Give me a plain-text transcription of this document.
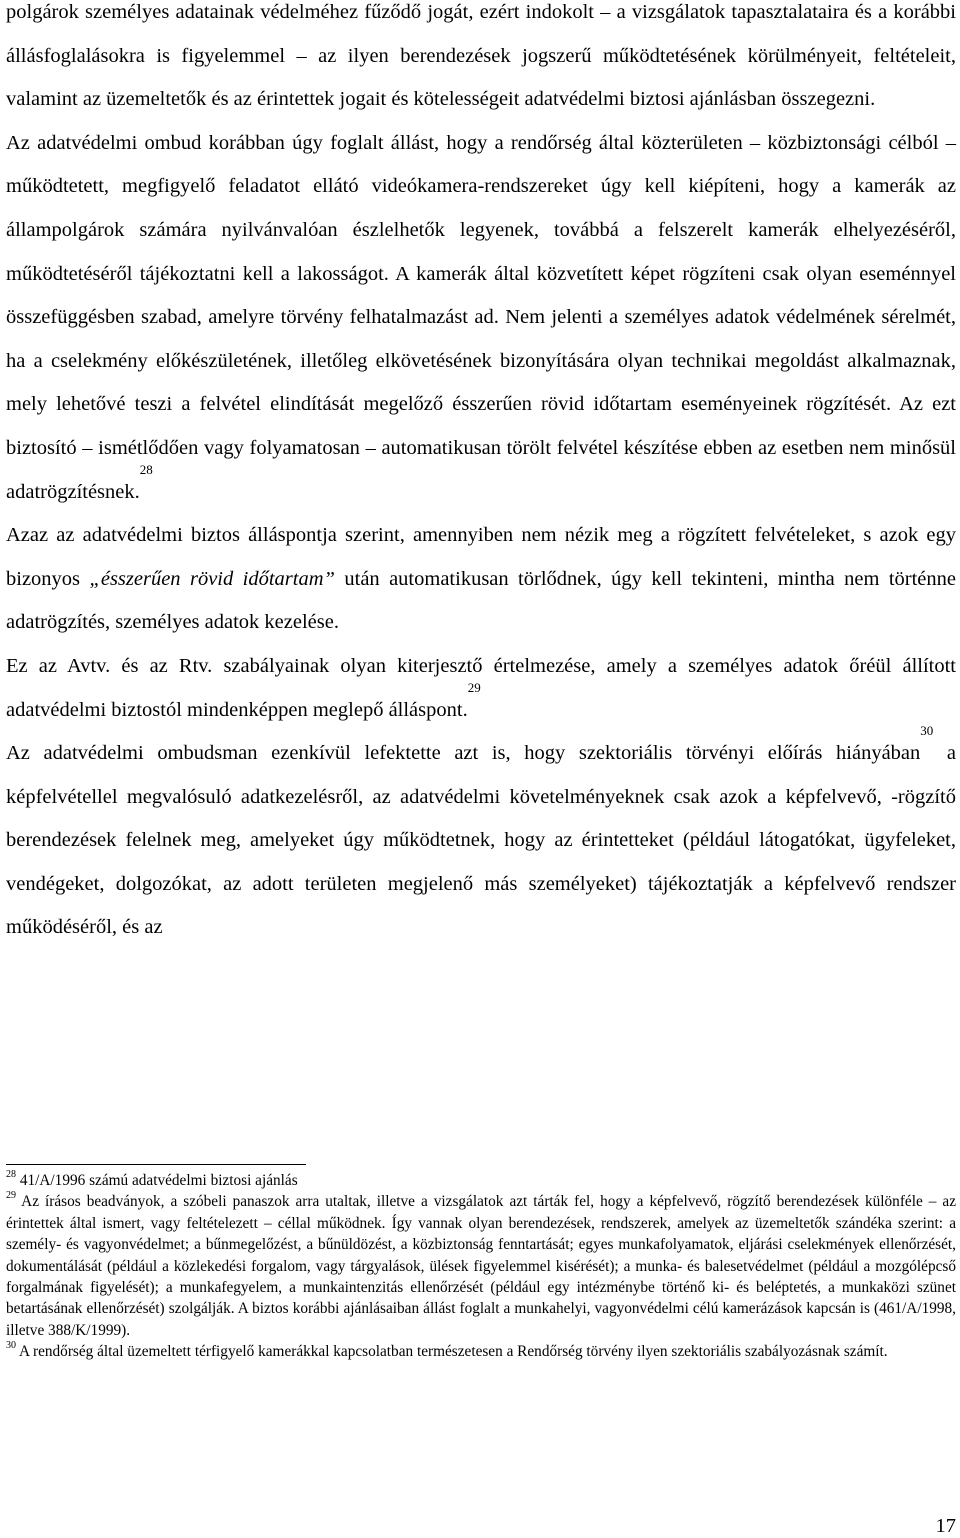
polgárok személyes adatainak védelméhez fűződő jogát, ezért indokolt – a vizsgálatok tapasztalataira és a korábbi állásfoglalásokra is figyelemmel – az ilyen berendezések jogszerű működtetésének körülményeit, feltételeit, valamint az üzemeltetők és az érintettek jogait és kötelességeit adatvédelmi biztosi ajánlásban összegezni.

Az adatvédelmi ombud korábban úgy foglalt állást, hogy a rendőrség által közterületen – közbiztonsági célból – működtetett, megfigyelő feladatot ellátó videókamera-rendszereket úgy kell kiépíteni, hogy a kamerák az állampolgárok számára nyilvánvalóan észlelhetők legyenek, továbbá a felszerelt kamerák elhelyezéséről, működtetéséről tájékoztatni kell a lakosságot. A kamerák által közvetített képet rögzíteni csak olyan eseménnyel összefüggésben szabad, amelyre törvény felhatalmazást ad. Nem jelenti a személyes adatok védelmének sérelmét, ha a cselekmény előkészületének, illetőleg elkövetésének bizonyítására olyan technikai megoldást alkalmaznak, mely lehetővé teszi a felvétel elindítását megelőző ésszerűen rövid időtartam eseményeinek rögzítését. Az ezt biztosító – ismétlődően vagy folyamatosan – automatikusan törölt felvétel készítése ebben az esetben nem minősül adatrögzítésnek.$^{28}$

Azaz az adatvédelmi biztos álláspontja szerint, amennyiben nem nézik meg a rögzített felvételeket, s azok egy bizonyos „ésszerűen rövid időtartam” után automatikusan törlődnek, úgy kell tekinteni, mintha nem történne adatrögzítés, személyes adatok kezelése.

Ez az Avtv. és az Rtv. szabályainak olyan kiterjesztő értelmezése, amely a személyes adatok őréül állított adatvédelmi biztostól mindenképpen meglepő álláspont.$^{29}$

Az adatvédelmi ombudsman ezenkívül lefektette azt is, hogy szektoriális törvényi előírás hiányában$^{30}$ a képfelvétellel megvalósuló adatkezelésről, az adatvédelmi követelményeknek csak azok a képfelvevő, -rögzítő berendezések felelnek meg, amelyeket úgy működtetnek, hogy az érintetteket (például látogatókat, ügyfeleket, vendégeket, dolgozókat, az adott területen megjelenő más személyeket) tájékoztatják a képfelvevő rendszer működéséről, és az

$^{28}$ 41/A/1996 számú adatvédelmi biztosi ajánlás

$^{29}$ Az írásos beadványok, a szóbeli panaszok arra utaltak, illetve a vizsgálatok azt tárták fel, hogy a képfelvevő, rögzítő berendezések különféle – az érintettek által ismert, vagy feltételezett – céllal működnek. Így vannak olyan berendezések, rendszerek, amelyek az üzemeltetők szándéka szerint: a személy- és vagyonvédelmet; a bűnmegelőzést, a bűnüldözést, a közbiztonság fenntartását; egyes munkafolyamatok, eljárási cselekmények ellenőrzését, dokumentálását (például a közlekedési forgalom, vagy tárgyalások, ülések figyelemmel kisérését); a munka- és balesetvédelmet (például a mozgólépcső forgalmának figyelését); a munkafegyelem, a munkaintenzitás ellenőrzését (például egy intézménybe történő ki- és beléptetés, a munkaközi szünet betartásának ellenőrzését) szolgálják. A biztos korábbi ajánlásaiban állást foglalt a munkahelyi, vagyonvédelmi célú kamerázások kapcsán is (461/A/1998, illetve 388/K/1999).

$^{30}$ A rendőrség által üzemeltett térfigyelő kamerákkal kapcsolatban természetesen a Rendőrség törvény ilyen szektoriális szabályozásnak számít.

17
